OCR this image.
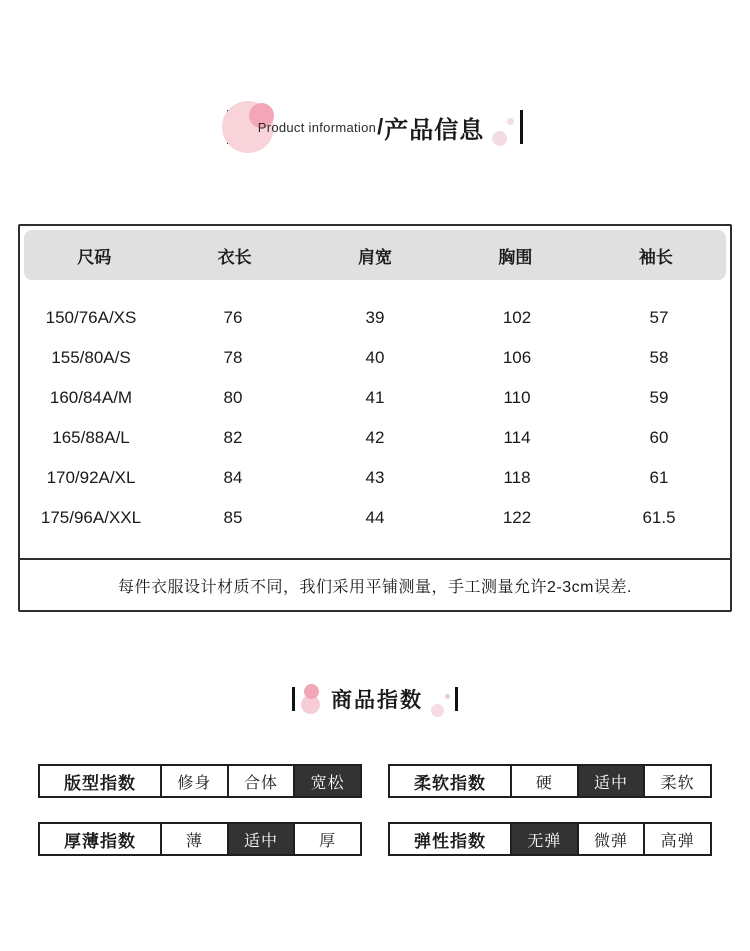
Product information / 产品信息
尺码	衣长	肩宽	胸围	袖长
150/76A/XS	76	39	102	57
155/80A/S	78	40	106	58
160/84A/M	80	41	110	59
165/88A/L	82	42	114	60
170/92A/XL	84	43	118	61
175/96A/XXL	85	44	122	61.5
每件衣服设计材质不同，我们采用平铺测量，手工测量允许2-3cm误差.
商品指数
版型指数	修身	合体	宽松	柔软指数	硬	适中	柔软
厚薄指数	薄	适中	厚	弹性指数	无弹	微弹	高弹
